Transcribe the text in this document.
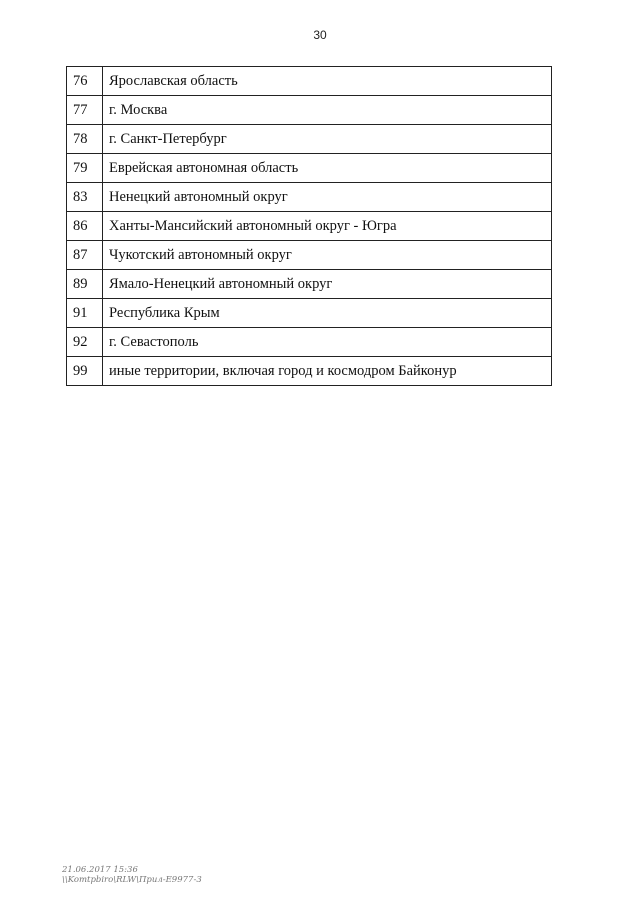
30
76	Ярославская область
77	г. Москва
78	г. Санкт-Петербург
79	Еврейская автономная область
83	Ненецкий автономный округ
86	Ханты-Мансийский автономный округ - Югра
87	Чукотский автономный округ
89	Ямало-Ненецкий автономный округ
91	Республика Крым
92	г. Севастополь
99	иные территории, включая город и космодром Байконур
21.06.2017 15:36
\\Komtpbiro\RLW\Прил-E9977-3
